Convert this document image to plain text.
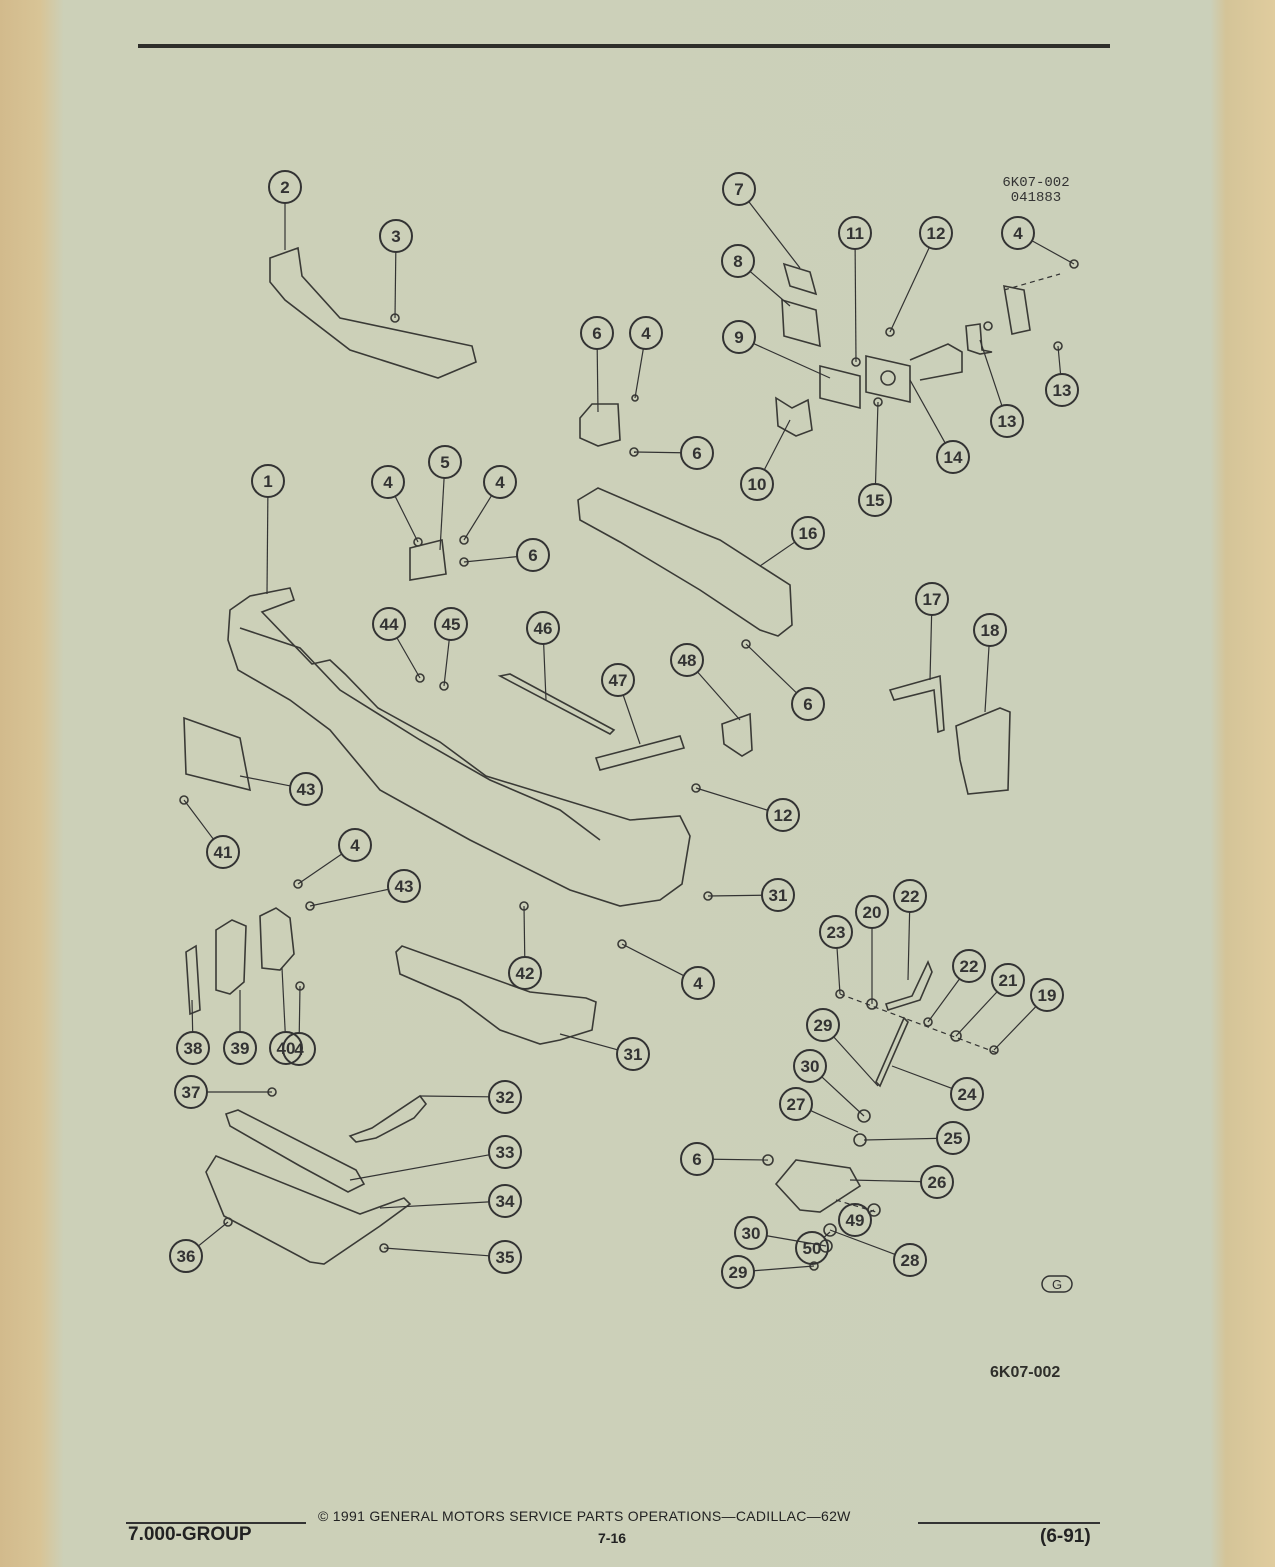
6K07-002
041883
1
2
3
4	4
4
4
4
4
4
5
6
6
6
6
6
7
8
9
10
11
12
12
13
13
14
15
16
17
18
19
20
21
22
22
23
24
25
26
27
28
29
29
30
30
31
31
32
33
34
35
36
37
38 39 40
41
42
43
43
44	45	46
47
48
49
50
G
6K07-002
7.000-GROUP
© 1991 GENERAL MOTORS SERVICE PARTS OPERATIONS—CADILLAC—62W
7-16	(6-91)
